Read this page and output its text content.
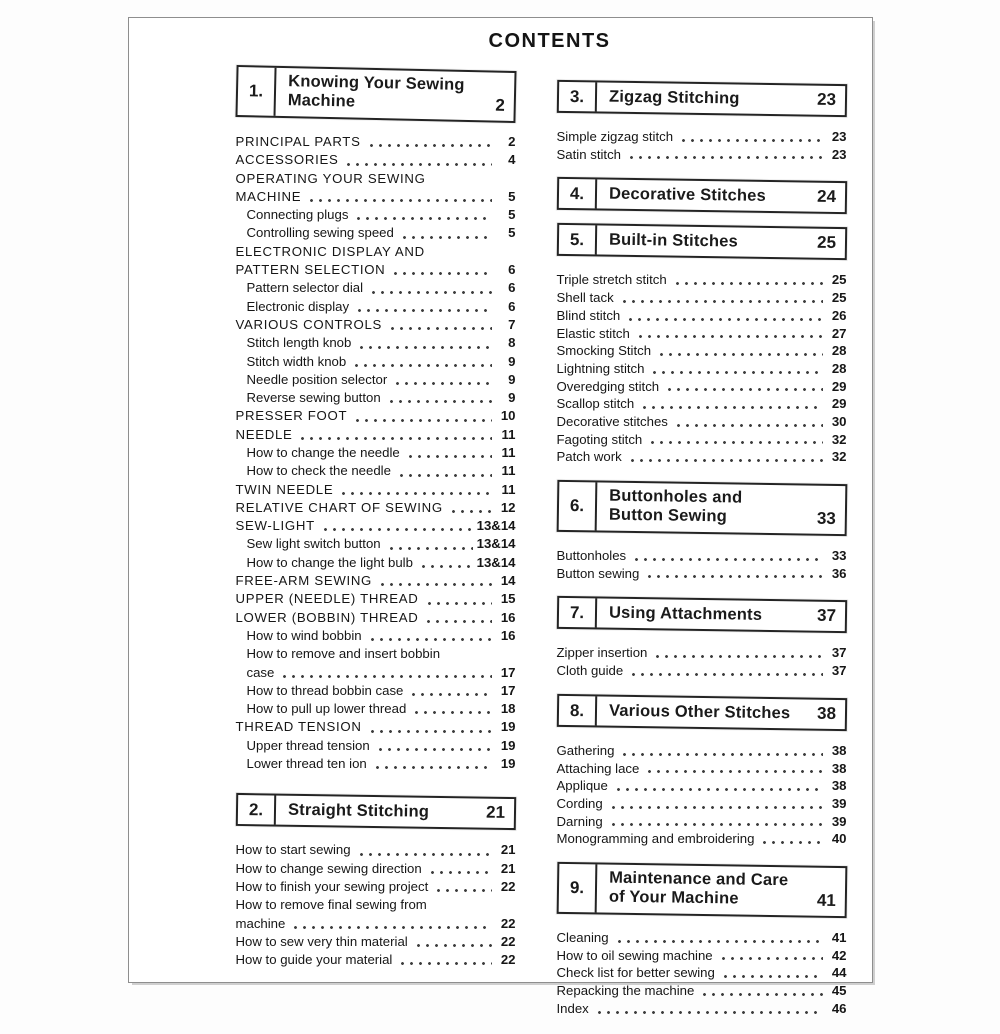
CONTENTS
1.	Knowing Your Sewing
Machine	2
PRINCIPAL PARTS	2
ACCESSORIES	4
OPERATING YOUR SEWING
MACHINE	5
Connecting plugs	5
Controlling sewing speed	5
ELECTRONIC DISPLAY AND
PATTERN SELECTION	6
Pattern selector dial	6
Electronic display	6
VARIOUS CONTROLS	7
Stitch length knob	8
Stitch width knob	9
Needle position selector	9
Reverse sewing button	9
PRESSER FOOT	10
NEEDLE	11
How to change the needle	11
How to check the needle	11
TWIN NEEDLE	11
RELATIVE CHART OF SEWING	12
SEW-LIGHT	13&14
Sew light switch button	13&14
How to change the light bulb	13&14
FREE-ARM SEWING	14
UPPER (NEEDLE) THREAD	15
LOWER (BOBBIN) THREAD	16
How to wind bobbin	16
How to remove and insert bobbin
case	17
How to thread bobbin case	17
How to pull up lower thread	18
THREAD TENSION	19
Upper thread tension	19
Lower thread ten ion	19
2.	Straight Stitching	21
How to start sewing	21
How to change sewing direction	21
How to finish your sewing project	22
How to remove final sewing from
machine	22
How to sew very thin material	22
How to guide your material	22
3.	Zigzag Stitching	23
Simple zigzag stitch	23
Satin stitch	23
4.	Decorative Stitches	24
5.	Built-in Stitches	25
Triple stretch stitch	25
Shell tack	25
Blind stitch	26
Elastic stitch	27
Smocking Stitch	28
Lightning stitch	28
Overedging stitch	29
Scallop stitch	29
Decorative stitches	30
Fagoting stitch	32
Patch work	32
6.	Buttonholes and
Button Sewing	33
Buttonholes	33
Button sewing	36
7.	Using Attachments	37
Zipper insertion	37
Cloth guide	37
8.	Various Other Stitches 38
Gathering	38
Attaching lace	38
Applique	38
Cording	39
Darning	39
Monogramming and embroidering	40
9.	Maintenance and Care
of Your Machine	41
Cleaning	41
How to oil sewing machine	42
Check list for better sewing	44
Repacking the machine	45
Index	46
